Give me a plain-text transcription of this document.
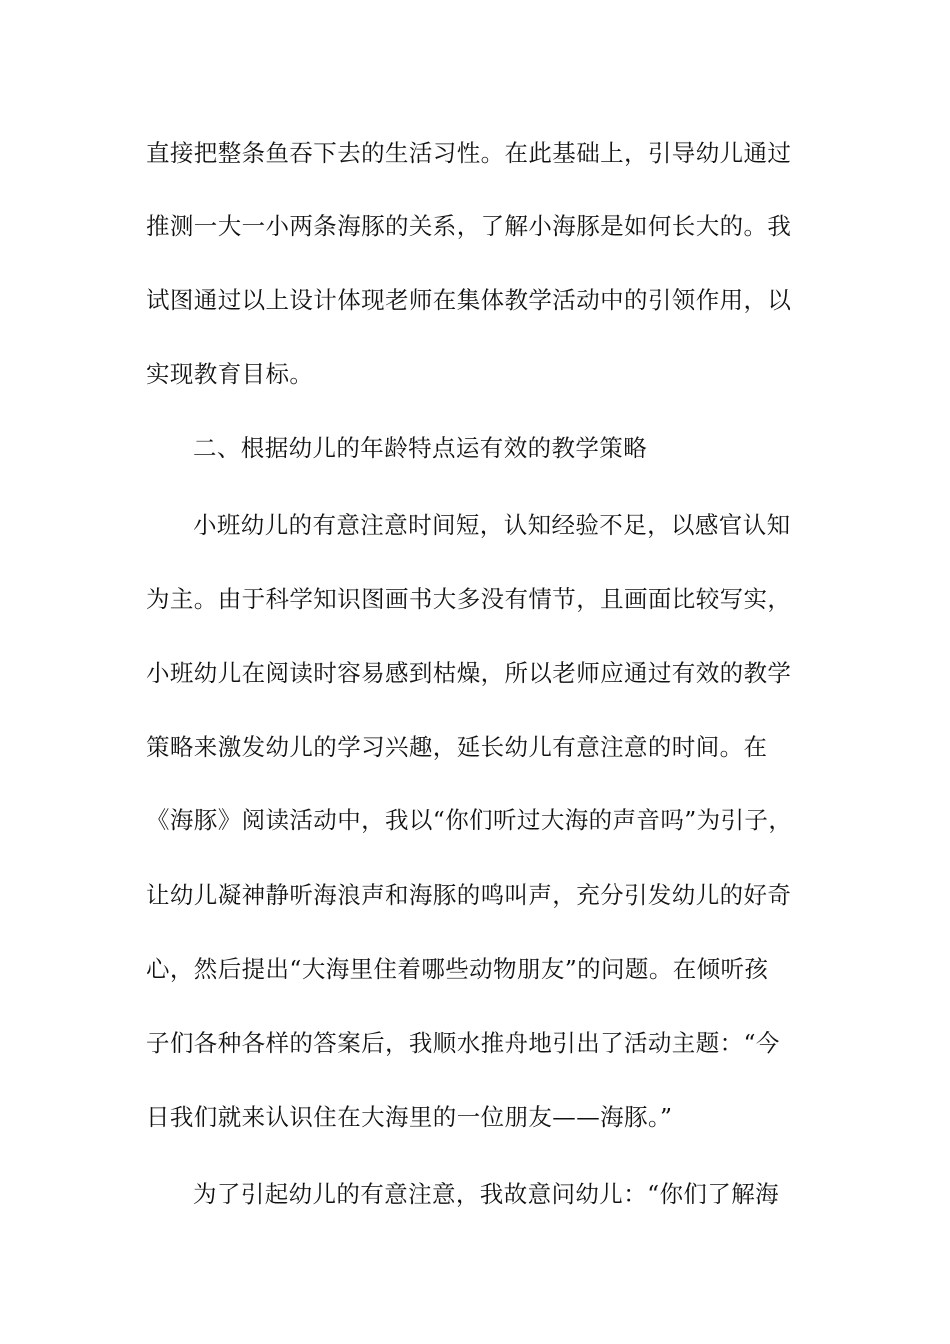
直接把整条鱼吞下去的生活习性。在此基础上，引导幼儿通过
推测一大一小两条海豚的关系，了解小海豚是如何长大的。我
试图通过以上设计体现老师在集体教学活动中的引领作用，以
实现教育目标。
二、根据幼儿的年龄特点运有效的教学策略
小班幼儿的有意注意时间短，认知经验不足，以感官认知
为主。由于科学知识图画书大多没有情节，且画面比较写实，
小班幼儿在阅读时容易感到枯燥，所以老师应通过有效的教学
策略来激发幼儿的学习兴趣，延长幼儿有意注意的时间。在
《海豚》阅读活动中，我以“你们听过大海的声音吗”为引子，
让幼儿凝神静听海浪声和海豚的鸣叫声，充分引发幼儿的好奇
心，然后提出“大海里住着哪些动物朋友”的问题。在倾听孩
子们各种各样的答案后，我顺水推舟地引出了活动主题：“今
日我们就来认识住在大海里的一位朋友——海豚。”
为了引起幼儿的有意注意，我故意问幼儿：“你们了解海
